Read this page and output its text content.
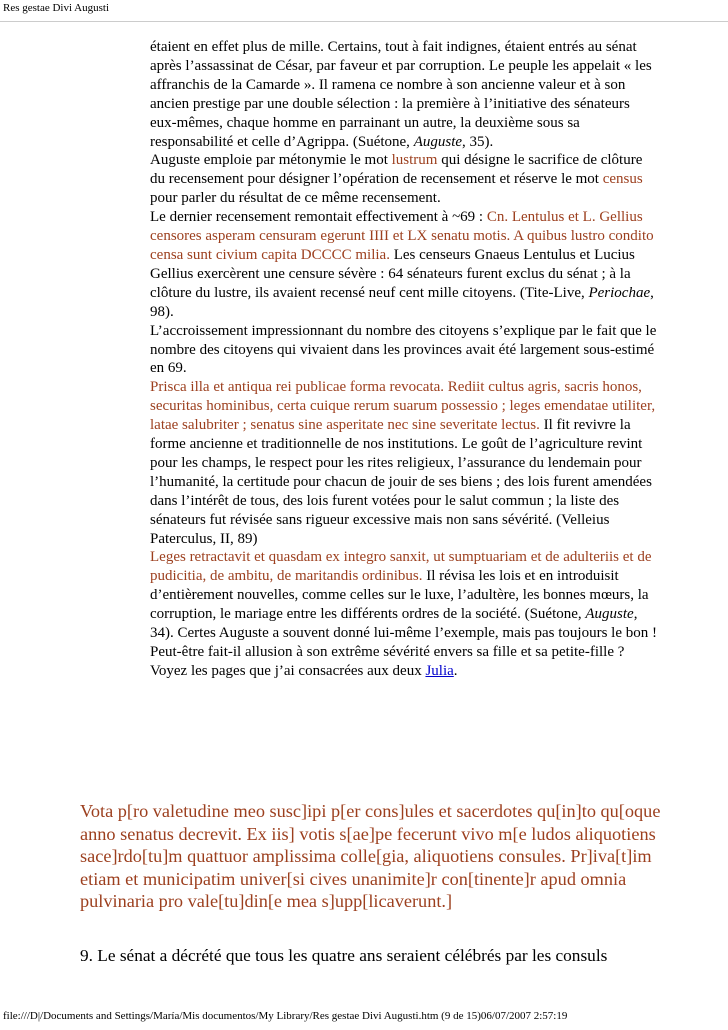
Res gestae Divi Augusti

étaient en effet plus de mille. Certains, tout à fait indignes, étaient entrés au sénat après l’assassinat de César, par faveur et par corruption. Le peuple les appelait « les affranchis de la Camarde ». Il ramena ce nombre à son ancienne valeur et à son ancien prestige par une double sélection : la première à l’initiative des sénateurs eux-mêmes, chaque homme en parrainant un autre, la deuxième sous sa responsabilité et celle d’Agrippa. (Suétone, Auguste, 35).

Auguste emploie par métonymie le mot lustrum qui désigne le sacrifice de clôture du recensement pour désigner l’opération de recensement et réserve le mot census pour parler du résultat de ce même recensement.

Le dernier recensement remontait effectivement à ~69 : Cn. Lentulus et L. Gellius censores asperam censuram egerunt IIII et LX senatu motis. A quibus lustro condito censa sunt civium capita DCCCC milia. Les censeurs Gnaeus Lentulus et Lucius Gellius exercèrent une censure sévère : 64 sénateurs furent exclus du sénat ; à la clôture du lustre, ils avaient recensé neuf cent mille citoyens. (Tite-Live, Periochae, 98).

L’accroissement impressionnant du nombre des citoyens s’explique par le fait que le nombre des citoyens qui vivaient dans les provinces avait été largement sous-estimé en 69.

Prisca illa et antiqua rei publicae forma revocata. Rediit cultus agris, sacris honos, securitas hominibus, certa cuique rerum suarum possessio ; leges emendatae utiliter, latae salubriter ; senatus sine asperitate nec sine severitate lectus. Il fit revivre la forme ancienne et traditionnelle de nos institutions. Le goût de l’agriculture revint pour les champs, le respect pour les rites religieux, l’assurance du lendemain pour l’humanité, la certitude pour chacun de jouir de ses biens ; des lois furent amendées dans l’intérêt de tous, des lois furent votées pour le salut commun ; la liste des sénateurs fut révisée sans rigueur excessive mais non sans sévérité. (Velleius Paterculus, II, 89)

Leges retractavit et quasdam ex integro sanxit, ut sumptuariam et de adulteriis et de pudicitia, de ambitu, de maritandis ordinibus. Il révisa les lois et en introduisit d’entièrement nouvelles, comme celles sur le luxe, l’adultère, les bonnes mœurs, la corruption, le mariage entre les différents ordres de la société. (Suétone, Auguste, 34). Certes Auguste a souvent donné lui-même l’exemple, mais pas toujours le bon ! Peut-être fait-il allusion à son extrême sévérité envers sa fille et sa petite-fille ? Voyez les pages que j’ai consacrées aux deux Julia.

Vota p[ro valetudine meo susc]ipi p[er cons]ules et sacerdotes qu[in]to qu[oque anno senatus decrevit. Ex iis] votis s[ae]pe fecerunt vivo m[e ludos aliquotiens sace]rdo[tu]m quattuor amplissima colle[gia, aliquotiens consules. Pr]iva[t]im etiam et municipatim univer[si cives unanimite]r con[tinente]r apud omnia pulvinaria pro vale[tu]din[e mea s]upp[licaverunt.]
9. Le sénat a décrété que tous les quatre ans seraient célébrés par les consuls
file:///D|/Documents and Settings/María/Mis documentos/My Library/Res gestae Divi Augusti.htm (9 de 15)06/07/2007 2:57:19
